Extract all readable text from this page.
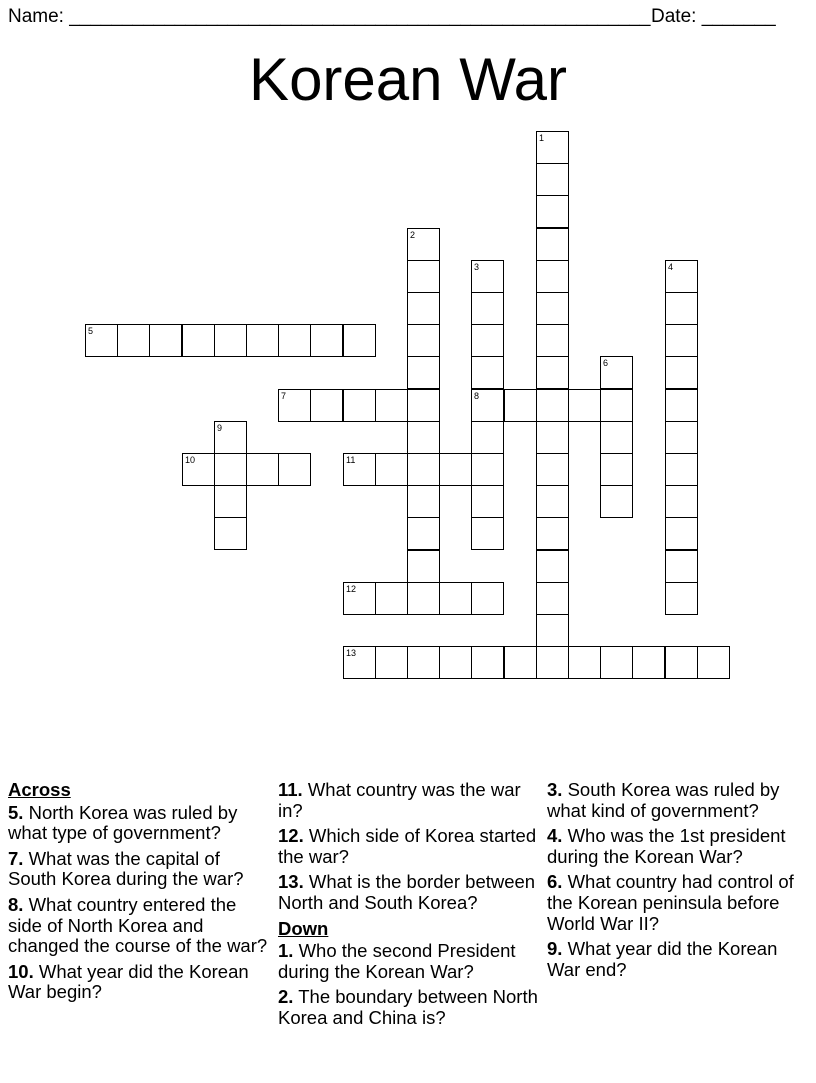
Name: _______________________________________________________ Date: _______
Korean War
1
2
3
8
4
5
6
7
9
10	11
12
13
Across
5. North Korea was ruled by what type of government?
7. What was the capital of South Korea during the war?
8. What country entered the side of North Korea and changed the course of the war?
10. What year did the Korean War begin?
11. What country was the war in?
12. Which side of Korea started the war?
13. What is the border between North and South Korea?
Down
1. Who the second President during the Korean War?
2. The boundary between North Korea and China is?
3. South Korea was ruled by what kind of government?
4. Who was the 1st president during the Korean War?
6. What country had control of the Korean peninsula before World War II?
9. What year did the Korean War end?
